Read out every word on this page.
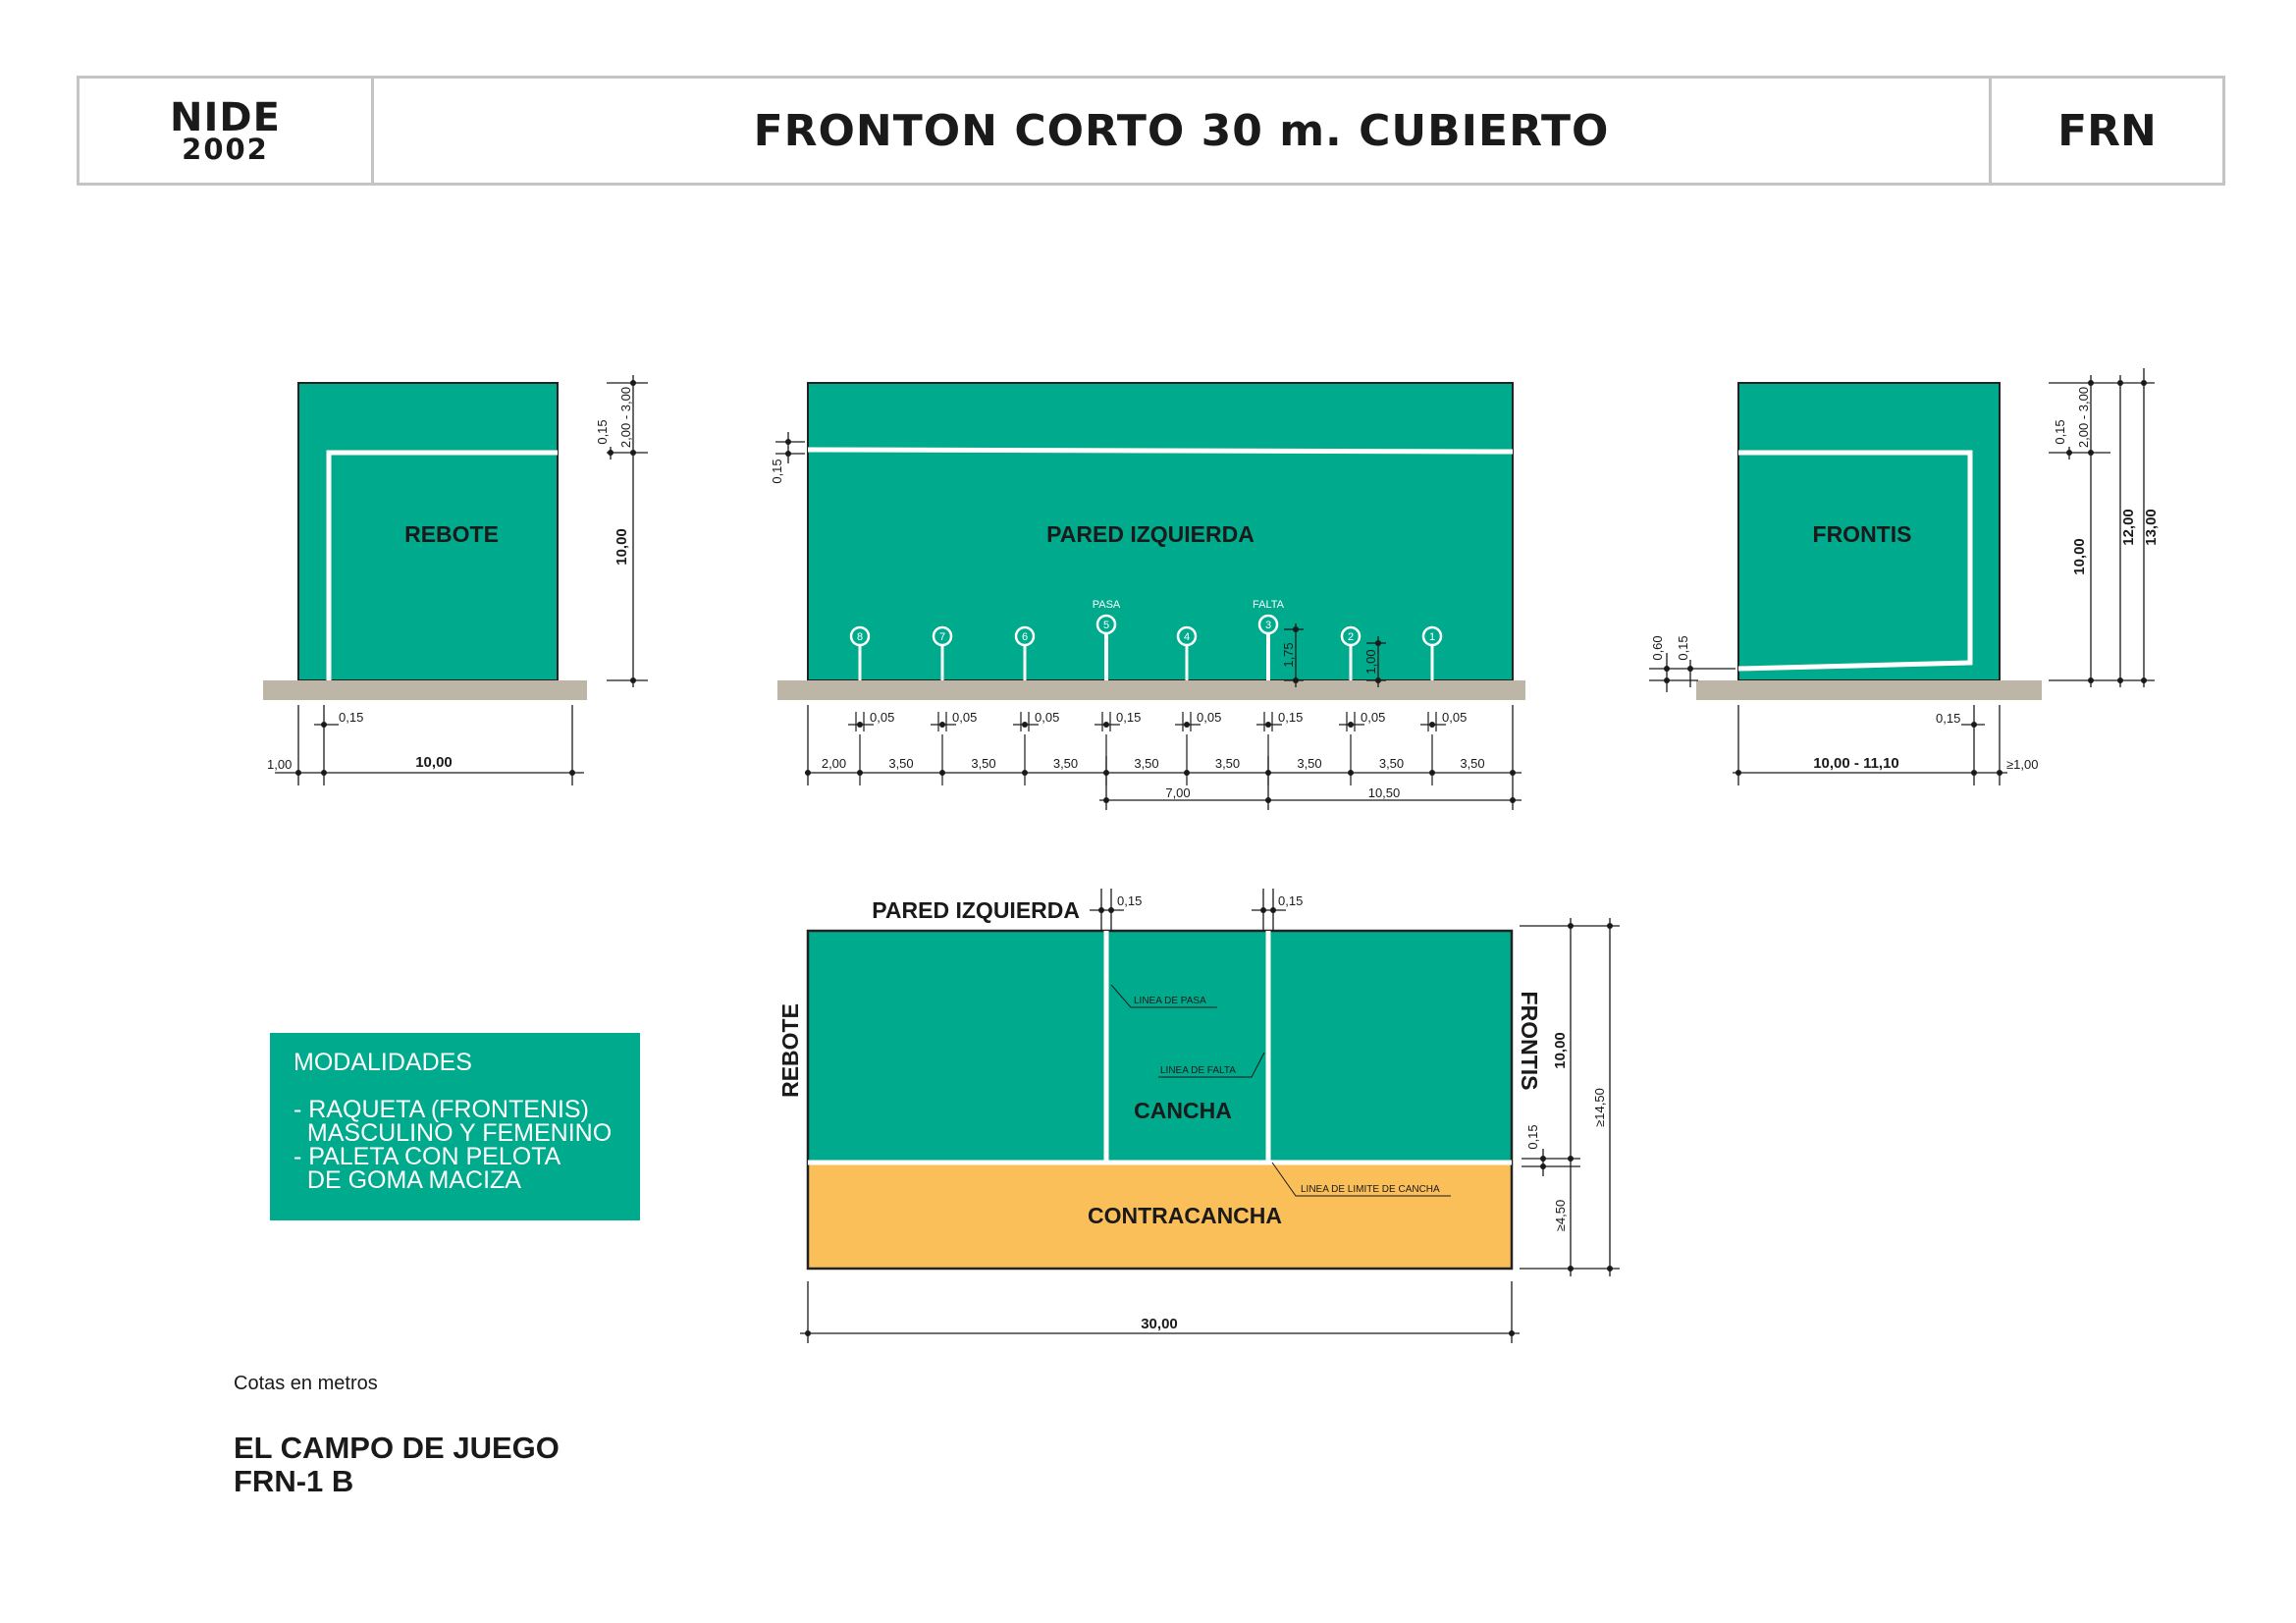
NIDE
2002	FRONTON CORTO 30 m. CUBIERTO	FRN
REBOTE
2,00 - 3,00
0,15
10,00
0,15
1,00	10,00
PARED IZQUIERDA
8	7	6
5
4
3
2	1
PASA	FALTA
0,15
1,75	1,00
0,05	0,05	0,05	0,15	0,05	0,15	0,05	0,05
2,00	3,50	3,50	3,50	3,50	3,50	3,50	3,50	3,50
7,00	10,50
FRONTIS
2,00 - 3,00
0,15
10,00
12,00 13,00
0,60 0,15
0,15
10,00 - 11,10	≥1,00
CANCHA
CONTRACANCHA
PARED IZQUIERDA
REBOTE	FRONTIS
LINEA DE PASA
LINEA DE FALTA
LINEA DE LIMITE DE CANCHA
0,15	0,15
10,00
≥14,50
0,15
≥4,50
30,00
MODALIDADES
- RAQUETA (FRONTENIS)
MASCULINO Y FEMENINO
- PALETA CON PELOTA
DE GOMA MACIZA
Cotas en metros
EL CAMPO DE JUEGO
FRN-1 B
